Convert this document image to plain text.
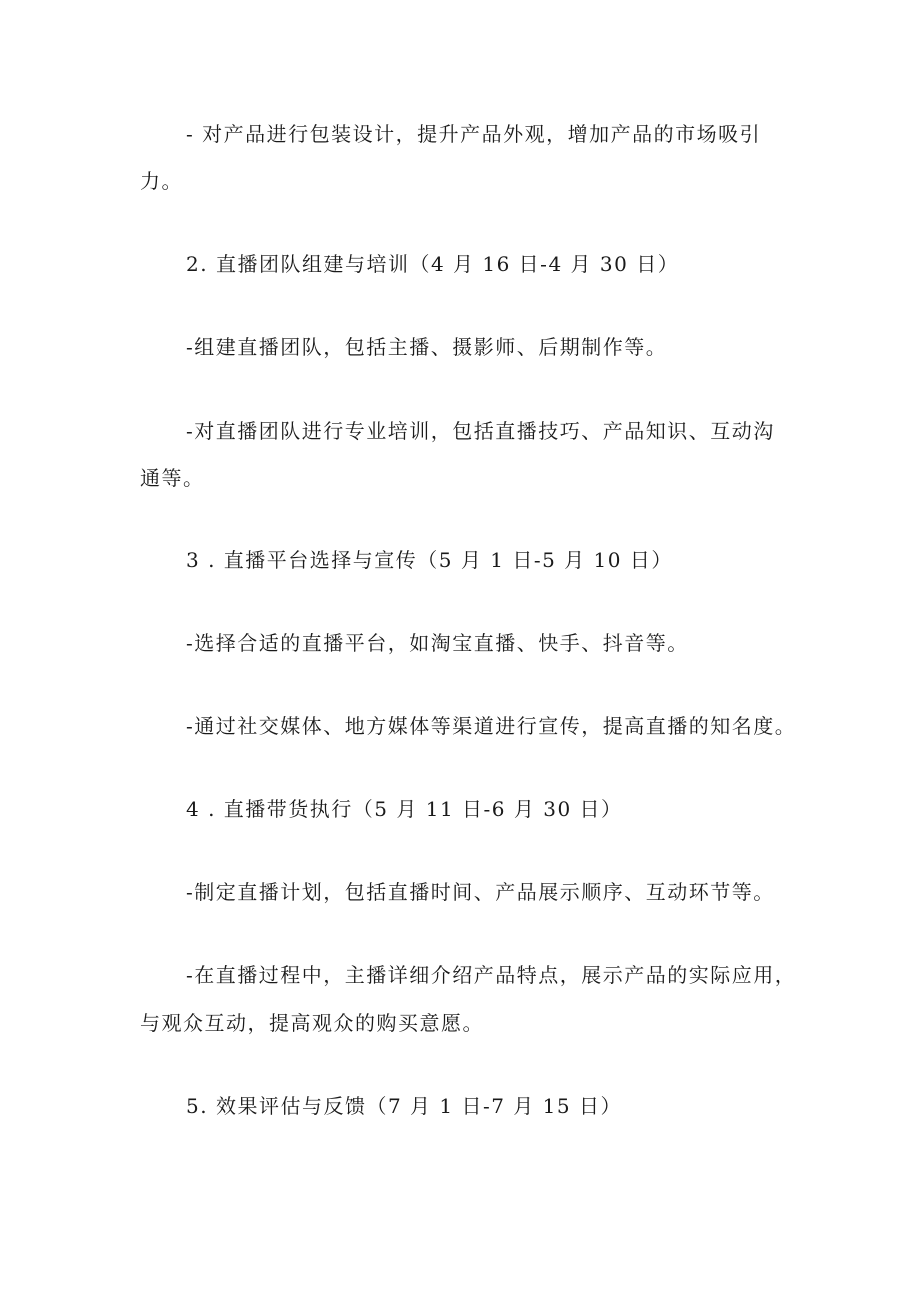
- 对产品进行包装设计，提升产品外观，增加产品的市场吸引
力。
2. 直播团队组建与培训（4 月 16 日-4 月 30 日）
-组建直播团队，包括主播、摄影师、后期制作等。
-对直播团队进行专业培训，包括直播技巧、产品知识、互动沟
通等。
3 . 直播平台选择与宣传（5 月 1 日-5 月 10 日）
-选择合适的直播平台，如淘宝直播、快手、抖音等。
-通过社交媒体、地方媒体等渠道进行宣传，提高直播的知名度。
4 . 直播带货执行（5 月 11 日-6 月 30 日）
-制定直播计划，包括直播时间、产品展示顺序、互动环节等。
-在直播过程中，主播详细介绍产品特点，展示产品的实际应用，
与观众互动，提高观众的购买意愿。
5. 效果评估与反馈（7 月 1 日-7 月 15 日）
